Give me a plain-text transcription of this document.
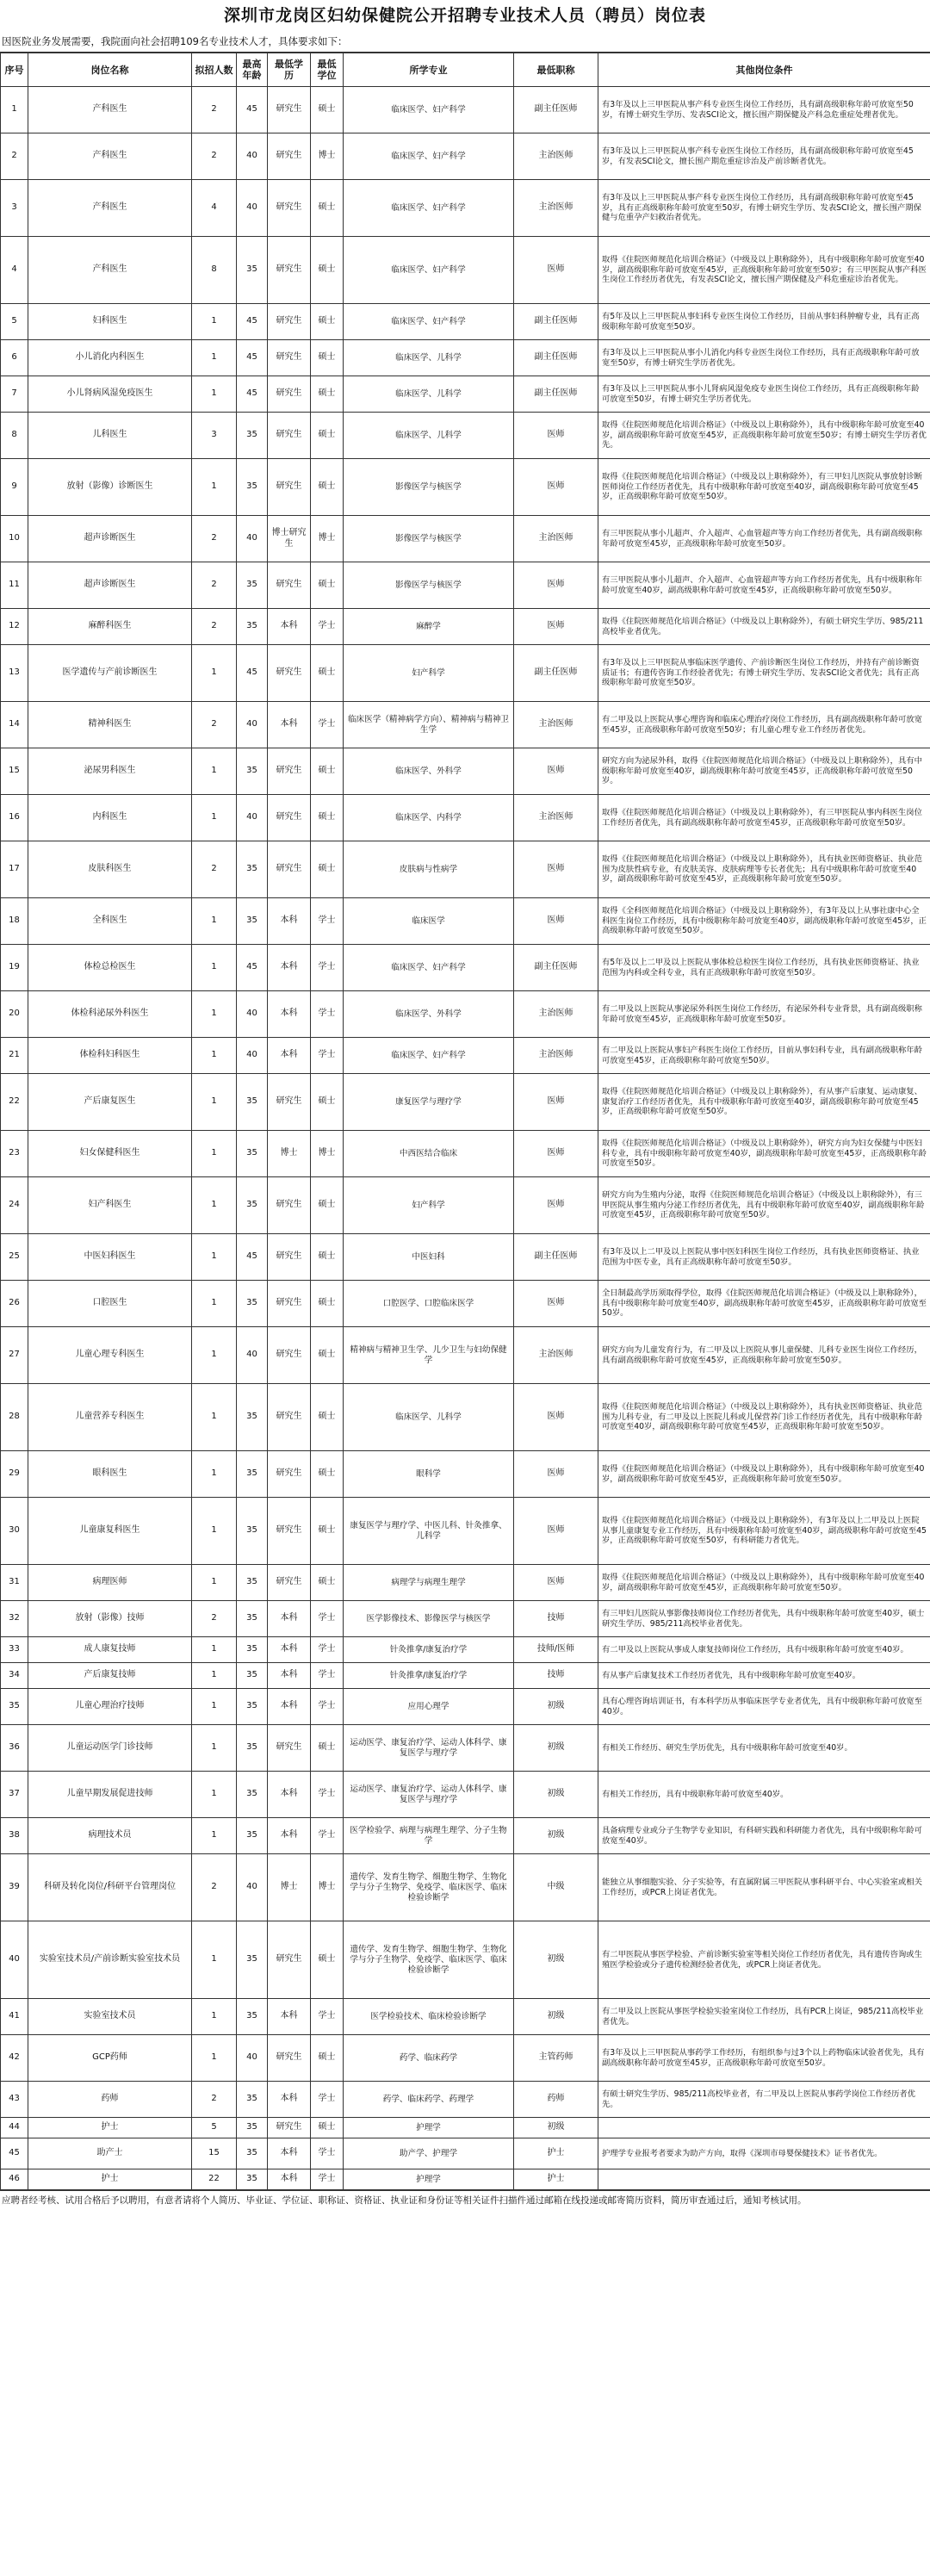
深圳市龙岗区妇幼保健院公开招聘专业技术人员（聘员）岗位表
因医院业务发展需要，我院面向社会招聘109名专业技术人才，具体要求如下：
序号	岗位名称	拟招人数	最高年龄	最低学历	最低学位	所学专业	最低职称	其他岗位条件
1	产科医生	2	45	研究生	硕士	临床医学、妇产科学	副主任医师	有3年及以上三甲医院从事产科专业医生岗位工作经历，具有副高级职称年龄可放宽至50岁，有博士研究生学历、发表SCI论文，擅长围产期保健及产科急危重症处理者优先。
2	产科医生	2	40	研究生	博士	临床医学、妇产科学	主治医师	有3年及以上三甲医院从事产科专业医生岗位工作经历，具有副高级职称年龄可放宽至45岁，有发表SCI论文，擅长围产期危重症诊治及产前诊断者优先。
3	产科医生	4	40	研究生	硕士	临床医学、妇产科学	主治医师	有3年及以上三甲医院从事产科专业医生岗位工作经历，具有副高级职称年龄可放宽至45岁，具有正高级职称年龄可放宽至50岁，有博士研究生学历、发表SCI论文，擅长围产期保健与危重孕产妇救治者优先。
4	产科医生	8	35	研究生	硕士	临床医学、妇产科学	医师	取得《住院医师规范化培训合格证》（中级及以上职称除外），具有中级职称年龄可放宽至40岁，副高级职称年龄可放宽至45岁，正高级职称年龄可放宽至50岁；有三甲医院从事产科医生岗位工作经历者优先，有发表SCI论文，擅长围产期保健及产科危重症诊治者优先。
5	妇科医生	1	45	研究生	硕士	临床医学、妇产科学	副主任医师	有5年及以上三甲医院从事妇科专业医生岗位工作经历，目前从事妇科肿瘤专业，具有正高级职称年龄可放宽至50岁。
6	小儿消化内科医生	1	45	研究生	硕士	临床医学、儿科学	副主任医师	有3年及以上三甲医院从事小儿消化内科专业医生岗位工作经历，具有正高级职称年龄可放宽至50岁，有博士研究生学历者优先。
7	小儿肾病风湿免疫医生	1	45	研究生	硕士	临床医学、儿科学	副主任医师	有3年及以上三甲医院从事小儿肾病风湿免疫专业医生岗位工作经历，具有正高级职称年龄可放宽至50岁，有博士研究生学历者优先。
8	儿科医生	3	35	研究生	硕士	临床医学、儿科学	医师	取得《住院医师规范化培训合格证》（中级及以上职称除外），具有中级职称年龄可放宽至40岁，副高级职称年龄可放宽至45岁，正高级职称年龄可放宽至50岁；有博士研究生学历者优先。
9	放射（影像）诊断医生	1	35	研究生	硕士	影像医学与核医学	医师	取得《住院医师规范化培训合格证》（中级及以上职称除外），有三甲妇儿医院从事放射诊断医师岗位工作经历者优先，具有中级职称年龄可放宽至40岁，副高级职称年龄可放宽至45岁，正高级职称年龄可放宽至50岁。
10	超声诊断医生	2	40	博士研究生	博士	影像医学与核医学	主治医师	有三甲医院从事小儿超声、介入超声、心血管超声等方向工作经历者优先，具有副高级职称年龄可放宽至45岁，正高级职称年龄可放宽至50岁。
11	超声诊断医生	2	35	研究生	硕士	影像医学与核医学	医师	有三甲医院从事小儿超声、介入超声、心血管超声等方向工作经历者优先，具有中级职称年龄可放宽至40岁，副高级职称年龄可放宽至45岁，正高级职称年龄可放宽至50岁。
12	麻醉科医生	2	35	本科	学士	麻醉学	医师	取得《住院医师规范化培训合格证》（中级及以上职称除外），有硕士研究生学历、985/211高校毕业者优先。
13	医学遗传与产前诊断医生	1	45	研究生	硕士	妇产科学	副主任医师	有3年及以上三甲医院从事临床医学遗传、产前诊断医生岗位工作经历，并持有产前诊断资质证书；有遗传咨询工作经验者优先；有博士研究生学历、发表SCI论文者优先；具有正高级职称年龄可放宽至50岁。
14	精神科医生	2	40	本科	学士	临床医学（精神病学方向）、精神病与精神卫生学	主治医师	有二甲及以上医院从事心理咨询和临床心理治疗岗位工作经历，具有副高级职称年龄可放宽至45岁，正高级职称年龄可放宽至50岁；有儿童心理专业工作经历者优先。
15	泌尿男科医生	1	35	研究生	硕士	临床医学、外科学	医师	研究方向为泌尿外科，取得《住院医师规范化培训合格证》（中级及以上职称除外），具有中级职称年龄可放宽至40岁，副高级职称年龄可放宽至45岁，正高级职称年龄可放宽至50岁。
16	内科医生	1	40	研究生	硕士	临床医学、内科学	主治医师	取得《住院医师规范化培训合格证》（中级及以上职称除外），有三甲医院从事内科医生岗位工作经历者优先，具有副高级职称年龄可放宽至45岁，正高级职称年龄可放宽至50岁。
17	皮肤科医生	2	35	研究生	硕士	皮肤病与性病学	医师	取得《住院医师规范化培训合格证》（中级及以上职称除外），具有执业医师资格证、执业范围为皮肤性病专业，有皮肤美容、皮肤病理等专长者优先；具有中级职称年龄可放宽至40岁，副高级职称年龄可放宽至45岁，正高级职称年龄可放宽至50岁。
18	全科医生	1	35	本科	学士	临床医学	医师	取得《全科医师规范化培训合格证》（中级及以上职称除外），有3年及以上从事社康中心全科医生岗位工作经历，具有中级职称年龄可放宽至40岁，副高级职称年龄可放宽至45岁，正高级职称年龄可放宽至50岁。
19	体检总检医生	1	45	本科	学士	临床医学、妇产科学	副主任医师	有5年及以上二甲及以上医院从事体检总检医生岗位工作经历，具有执业医师资格证、执业范围为内科或全科专业，具有正高级职称年龄可放宽至50岁。
20	体检科泌尿外科医生	1	40	本科	学士	临床医学、外科学	主治医师	有二甲及以上医院从事泌尿外科医生岗位工作经历，有泌尿外科专业背景，具有副高级职称年龄可放宽至45岁，正高级职称年龄可放宽至50岁。
21	体检科妇科医生	1	40	本科	学士	临床医学、妇产科学	主治医师	有二甲及以上医院从事妇产科医生岗位工作经历，目前从事妇科专业，具有副高级职称年龄可放宽至45岁，正高级职称年龄可放宽至50岁。
22	产后康复医生	1	35	研究生	硕士	康复医学与理疗学	医师	取得《住院医师规范化培训合格证》（中级及以上职称除外），有从事产后康复、运动康复、康复治疗工作经历者优先，具有中级职称年龄可放宽至40岁，副高级职称年龄可放宽至45岁，正高级职称年龄可放宽至50岁。
23	妇女保健科医生	1	35	博士	博士	中西医结合临床	医师	取得《住院医师规范化培训合格证》（中级及以上职称除外），研究方向为妇女保健与中医妇科专业，具有中级职称年龄可放宽至40岁，副高级职称年龄可放宽至45岁，正高级职称年龄可放宽至50岁。
24	妇产科医生	1	35	研究生	硕士	妇产科学	医师	研究方向为生殖内分泌，取得《住院医师规范化培训合格证》（中级及以上职称除外），有三甲医院从事生殖内分泌工作经历者优先，具有中级职称年龄可放宽至40岁，副高级职称年龄可放宽至45岁，正高级职称年龄可放宽至50岁。
25	中医妇科医生	1	45	研究生	硕士	中医妇科	副主任医师	有3年及以上二甲及以上医院从事中医妇科医生岗位工作经历，具有执业医师资格证、执业范围为中医专业，具有正高级职称年龄可放宽至50岁。
26	口腔医生	1	35	研究生	硕士	口腔医学、口腔临床医学	医师	全日制最高学历须取得学位，取得《住院医师规范化培训合格证》（中级及以上职称除外），具有中级职称年龄可放宽至40岁，副高级职称年龄可放宽至45岁，正高级职称年龄可放宽至50岁。
27	儿童心理专科医生	1	40	研究生	硕士	精神病与精神卫生学、儿少卫生与妇幼保健学	主治医师	研究方向为儿童发育行为，有二甲及以上医院从事儿童保健、儿科专业医生岗位工作经历，具有副高级职称年龄可放宽至45岁，正高级职称年龄可放宽至50岁。
28	儿童营养专科医生	1	35	研究生	硕士	临床医学、儿科学	医师	取得《住院医师规范化培训合格证》（中级及以上职称除外），具有执业医师资格证、执业范围为儿科专业，有二甲及以上医院儿科或儿保营养门诊工作经历者优先，具有中级职称年龄可放宽至40岁，副高级职称年龄可放宽至45岁，正高级职称年龄可放宽至50岁。
29	眼科医生	1	35	研究生	硕士	眼科学	医师	取得《住院医师规范化培训合格证》（中级及以上职称除外），具有中级职称年龄可放宽至40岁，副高级职称年龄可放宽至45岁，正高级职称年龄可放宽至50岁。
30	儿童康复科医生	1	35	研究生	硕士	康复医学与理疗学、中医儿科、针灸推拿、儿科学	医师	取得《住院医师规范化培训合格证》（中级及以上职称除外），有3年及以上二甲及以上医院从事儿童康复专业工作经历，具有中级职称年龄可放宽至40岁，副高级职称年龄可放宽至45岁，正高级职称年龄可放宽至50岁，有科研能力者优先。
31	病理医师	1	35	研究生	硕士	病理学与病理生理学	医师	取得《住院医师规范化培训合格证》（中级及以上职称除外），具有中级职称年龄可放宽至40岁，副高级职称年龄可放宽至45岁，正高级职称年龄可放宽至50岁。
32	放射（影像）技师	2	35	本科	学士	医学影像技术、影像医学与核医学	技师	有三甲妇儿医院从事影像技师岗位工作经历者优先，具有中级职称年龄可放宽至40岁，硕士研究生学历、985/211高校毕业者优先。
33	成人康复技师	1	35	本科	学士	针灸推拿/康复治疗学	技师/医师	有二甲及以上医院从事成人康复技师岗位工作经历，具有中级职称年龄可放宽至40岁。
34	产后康复技师	1	35	本科	学士	针灸推拿/康复治疗学	技师	有从事产后康复技术工作经历者优先，具有中级职称年龄可放宽至40岁。
35	儿童心理治疗技师	1	35	本科	学士	应用心理学	初级	具有心理咨询培训证书，有本科学历从事临床医学专业者优先，具有中级职称年龄可放宽至40岁。
36	儿童运动医学门诊技师	1	35	研究生	硕士	运动医学、康复治疗学、运动人体科学、康复医学与理疗学	初级	有相关工作经历、研究生学历优先，具有中级职称年龄可放宽至40岁。
37	儿童早期发展促进技师	1	35	本科	学士	运动医学、康复治疗学、运动人体科学、康复医学与理疗学	初级	有相关工作经历，具有中级职称年龄可放宽至40岁。
38	病理技术员	1	35	本科	学士	医学检验学、病理与病理生理学、分子生物学	初级	具备病理专业或分子生物学专业知识，有科研实践和科研能力者优先，具有中级职称年龄可放宽至40岁。
39	科研及转化岗位/科研平台管理岗位	2	40	博士	博士	遗传学、发育生物学、细胞生物学、生物化学与分子生物学、免疫学、临床医学、临床检验诊断学	中级	能独立从事细胞实验、分子实验等，有直属附属三甲医院从事科研平台、中心实验室或相关工作经历，或PCR上岗证者优先。
40	实验室技术员/产前诊断实验室技术员	1	35	研究生	硕士	遗传学、发育生物学、细胞生物学、生物化学与分子生物学、免疫学、临床医学、临床检验诊断学	初级	有二甲医院从事医学检验、产前诊断实验室等相关岗位工作经历者优先，具有遗传咨询或生殖医学检验或分子遗传检测经验者优先，或PCR上岗证者优先。
41	实验室技术员	1	35	本科	学士	医学检验技术、临床检验诊断学	初级	有二甲及以上医院从事医学检验实验室岗位工作经历，具有PCR上岗证，985/211高校毕业者优先。
42	GCP药师	1	40	研究生	硕士	药学、临床药学	主管药师	有3年及以上三甲医院从事药学工作经历，有组织参与过3个以上药物临床试验者优先，具有副高级职称年龄可放宽至45岁，正高级职称年龄可放宽至50岁。
43	药师	2	35	本科	学士	药学、临床药学、药理学	药师	有硕士研究生学历、985/211高校毕业者，有二甲及以上医院从事药学岗位工作经历者优先。
44	护士	5	35	研究生	硕士	护理学	初级	
45	助产士	15	35	本科	学士	助产学、护理学	护士	护理学专业报考者要求为助产方向，取得《深圳市母婴保健技术》证书者优先。
46	护士	22	35	本科	学士	护理学	护士	
应聘者经考核、试用合格后予以聘用，有意者请将个人简历、毕业证、学位证、职称证、资格证、执业证和身份证等相关证件扫描件通过邮箱在线投递或邮寄简历资料，简历审查通过后，通知考核试用。
